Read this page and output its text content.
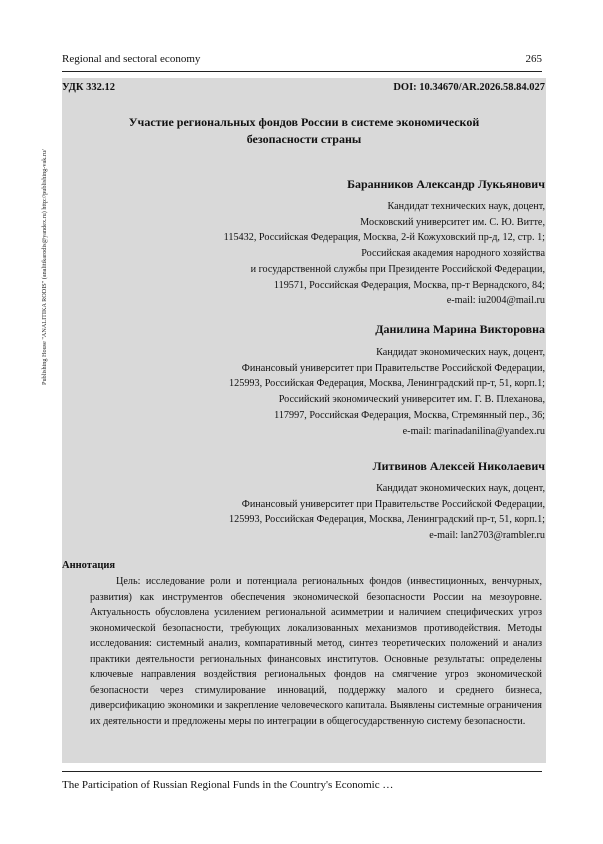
Regional and sectoral economy	265
Publishing House "ANALITIKA RODIS" (analitikarodis@yandex.ru) http://publishing-vak.ru/
УДК 332.12	DOI: 10.34670/AR.2026.58.84.027
Участие региональных фондов России в системе экономической
безопасности страны
Баранников Александр Лукьянович
Кандидат технических наук, доцент,
Московский университет им. С. Ю. Витте,
115432, Российская Федерация, Москва, 2-й Кожуховский пр-д, 12, стр. 1;
Российская академия народного хозяйства
и государственной службы при Президенте Российской Федерации,
119571, Российская Федерация, Москва, пр-т Вернадского, 84;
e-mail: iu2004@mail.ru
Данилина Марина Викторовна
Кандидат экономических наук, доцент,
Финансовый университет при Правительстве Российской Федерации,
125993, Российская Федерация, Москва, Ленинградский пр-т, 51, корп.1;
Российский экономический университет им. Г. В. Плеханова,
117997, Российская Федерация, Москва, Стремянный пер., 36;
e-mail: marinadanilina@yandex.ru
Литвинов Алексей Николаевич
Кандидат экономических наук, доцент,
Финансовый университет при Правительстве Российской Федерации,
125993, Российская Федерация, Москва, Ленинградский пр-т, 51, корп.1;
e-mail: lan2703@rambler.ru
Аннотация
Цель: исследование роли и потенциала региональных фондов (инвестиционных, венчурных, развития) как инструментов обеспечения экономической безопасности России на мезоуровне. Актуальность обусловлена усилением региональной асимметрии и наличием специфических угроз экономической безопасности, требующих локализованных механизмов противодействия. Методы исследования: системный анализ, компаративный метод, синтез теоретических положений и анализ практики деятельности региональных финансовых институтов. Основные результаты: определены ключевые направления воздействия региональных фондов на смягчение угроз экономической безопасности через стимулирование инноваций, поддержку малого и среднего бизнеса, диверсификацию экономики и закрепление человеческого капитала. Выявлены системные ограничения их деятельности и предложены меры по интеграции в общегосударственную систему безопасности.
The Participation of Russian Regional Funds in the Country's Economic …
